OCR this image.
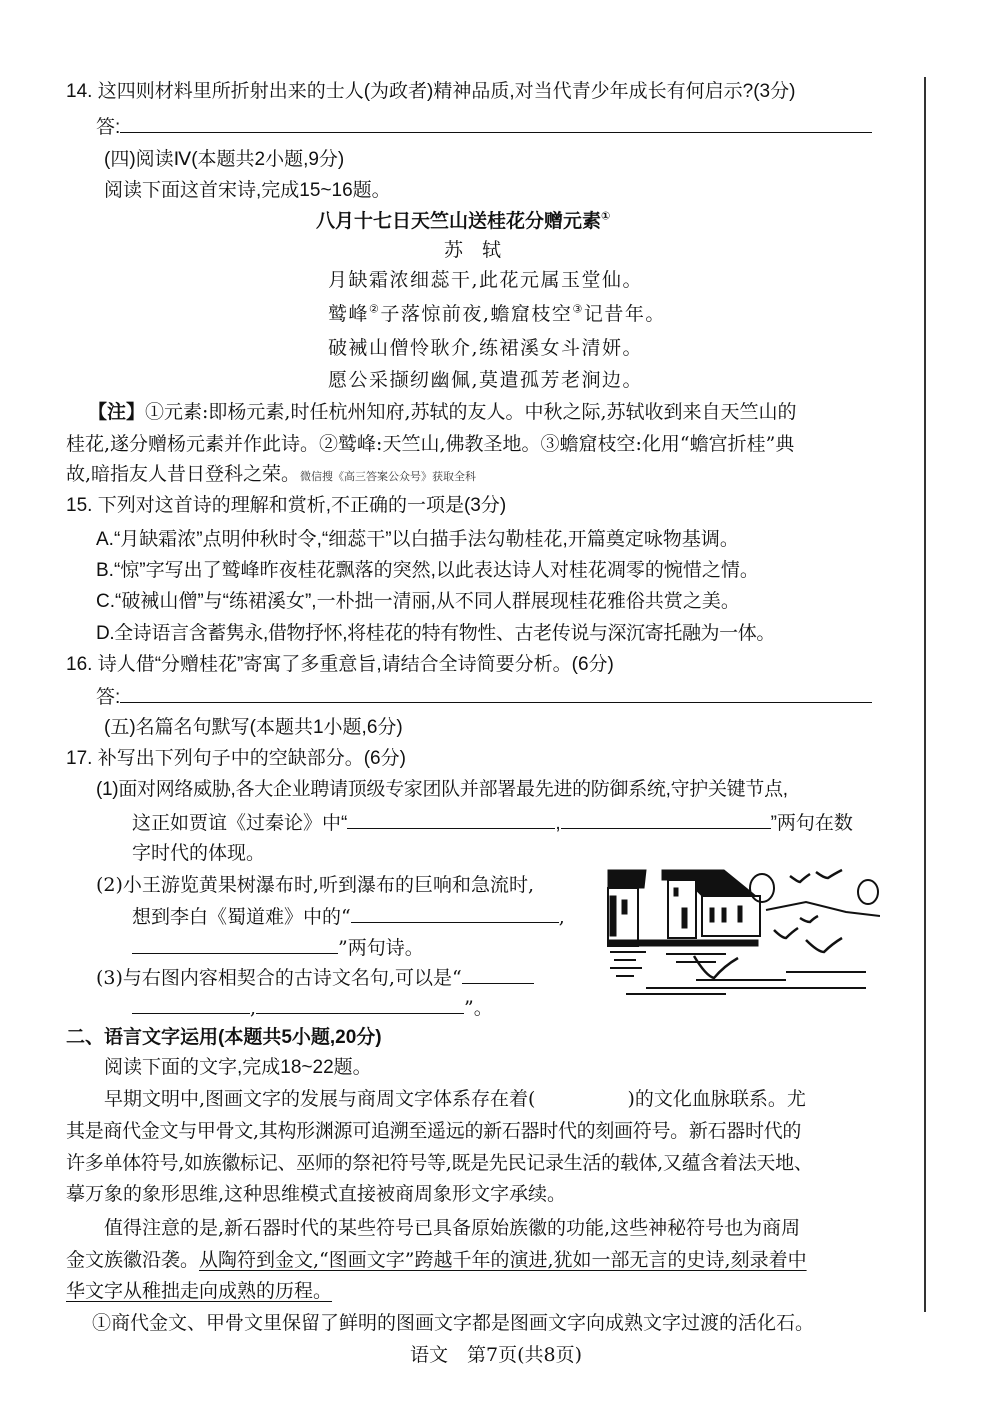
14. 这四则材料里所折射出来的士人(为政者)精神品质,对当代青少年成长有何启示?(3分)
答:
(四)阅读Ⅳ(本题共2小题,9分)
阅读下面这首宋诗,完成15~16题。
八月十七日天竺山送桂花分赠元素①
苏　轼
月缺霜浓细蕊干,此花元属玉堂仙。
鹫峰②子落惊前夜,蟾窟枝空③记昔年。
破裓山僧怜耿介,练裙溪女斗清妍。
愿公采撷纫幽佩,莫遣孤芳老涧边。
【注】①元素:即杨元素,时任杭州知府,苏轼的友人。中秋之际,苏轼收到来自天竺山的
桂花,遂分赠杨元素并作此诗。②鹫峰:天竺山,佛教圣地。③蟾窟枝空:化用“蟾宫折桂”典
故,暗指友人昔日登科之荣。微信搜《高三答案公众号》获取全科
15. 下列对这首诗的理解和赏析,不正确的一项是(3分)
A.“月缺霜浓”点明仲秋时令,“细蕊干”以白描手法勾勒桂花,开篇奠定咏物基调。
B.“惊”字写出了鹫峰昨夜桂花飘落的突然,以此表达诗人对桂花凋零的惋惜之情。
C.“破裓山僧”与“练裙溪女”,一朴拙一清丽,从不同人群展现桂花雅俗共赏之美。
D.全诗语言含蓄隽永,借物抒怀,将桂花的特有物性、古老传说与深沉寄托融为一体。
16. 诗人借“分赠桂花”寄寓了多重意旨,请结合全诗简要分析。(6分)
答:
(五)名篇名句默写(本题共1小题,6分)
17. 补写出下列句子中的空缺部分。(6分)
(1)面对网络威胁,各大企业聘请顶级专家团队并部署最先进的防御系统,守护关键节点,
这正如贾谊《过秦论》中“	,	”两句在数
字时代的体现。
(2)小王游览黄果树瀑布时,听到瀑布的巨响和急流时,
想到李白《蜀道难》中的“	,
”两句诗。
(3)与右图内容相契合的古诗文名句,可以是“
,	”。
二、语言文字运用(本题共5小题,20分)
阅读下面的文字,完成18~22题。
早期文明中,图画文字的发展与商周文字体系存在着(	)的文化血脉联系。尤
其是商代金文与甲骨文,其构形渊源可追溯至遥远的新石器时代的刻画符号。新石器时代的
许多单体符号,如族徽标记、巫师的祭祀符号等,既是先民记录生活的载体,又蕴含着法天地、
摹万象的象形思维,这种思维模式直接被商周象形文字承续。
值得注意的是,新石器时代的某些符号已具备原始族徽的功能,这些神秘符号也为商周
金文族徽沿袭。从陶符到金文,“图画文字”跨越千年的演进,犹如一部无言的史诗,刻录着中
华文字从稚拙走向成熟的历程。
①商代金文、甲骨文里保留了鲜明的图画文字都是图画文字向成熟文字过渡的活化石。
语文　第7页(共8页)
